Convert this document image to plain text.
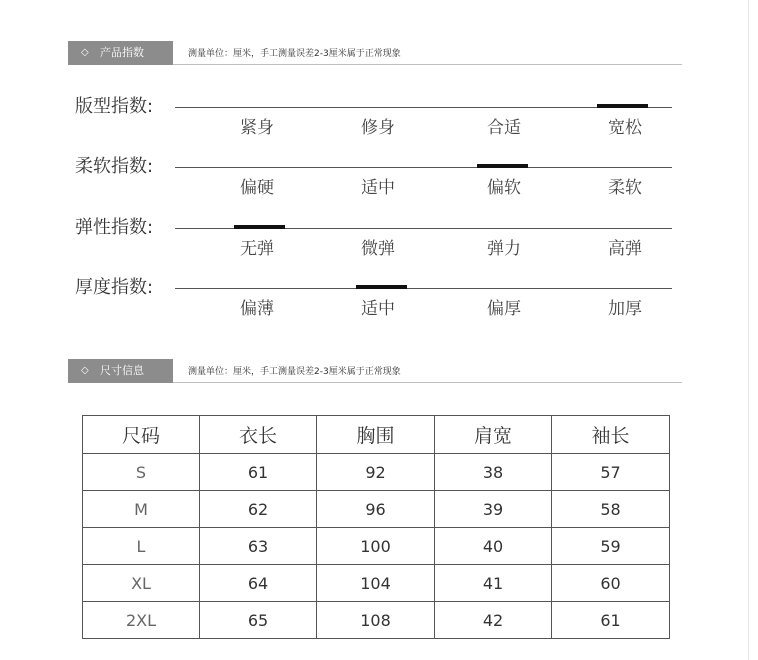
◇ 产品指数	测量单位：厘米，手工测量误差2-3厘米属于正常现象
版型指数:
紧身	修身	合适	宽松
柔软指数:
偏硬	适中	偏软	柔软
弹性指数:
无弹	微弹	弹力	高弹
厚度指数:
偏薄	适中	偏厚	加厚
◇ 尺寸信息	测量单位：厘米，手工测量误差2-3厘米属于正常现象
尺码	衣长	胸围	肩宽	袖长
S	61	92	38	57
M	62	96	39	58
L	63	100	40	59
XL	64	104	41	60
2XL	65	108	42	61
